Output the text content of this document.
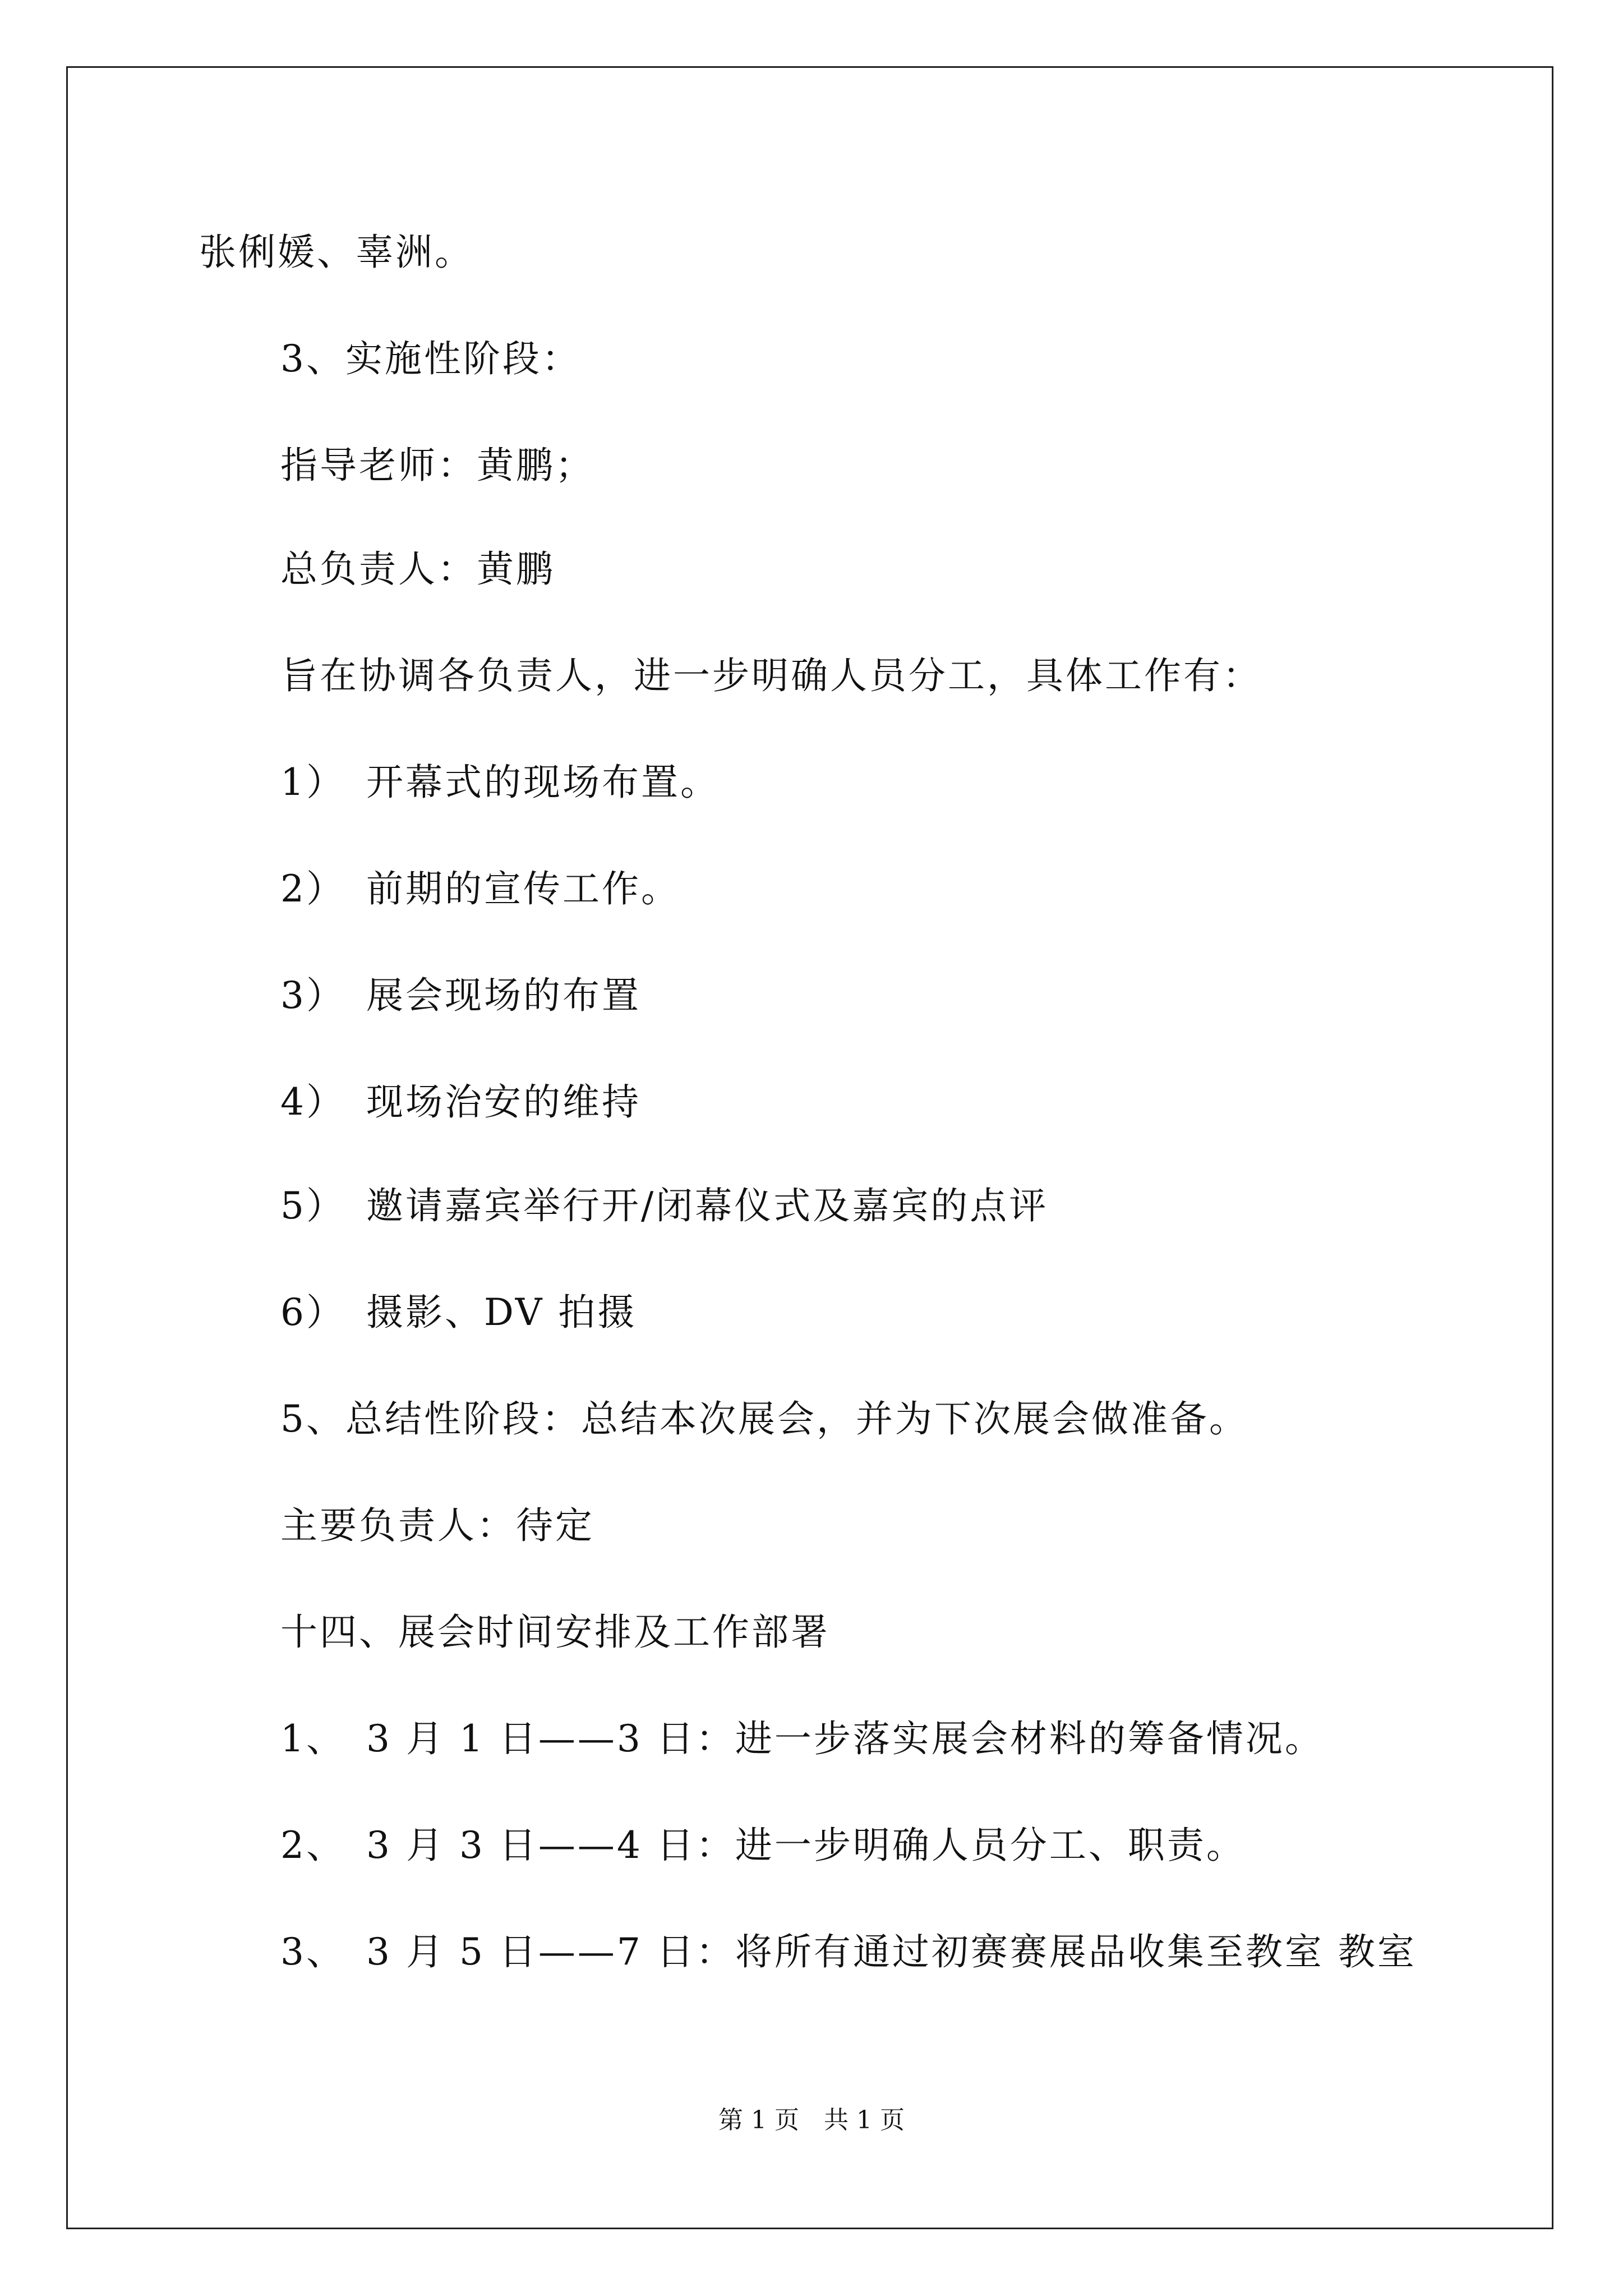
张俐媛、辜洲。
3、实施性阶段：
指导老师：黄鹏；
总负责人：黄鹏
旨在协调各负责人，进一步明确人员分工，具体工作有：
1）　开幕式的现场布置。
2）　前期的宣传工作。
3）　展会现场的布置
4）　现场治安的维持
5）　邀请嘉宾举行开/闭幕仪式及嘉宾的点评
6）　摄影、DV 拍摄
5、总结性阶段：总结本次展会，并为下次展会做准备。
主要负责人：待定
十四、展会时间安排及工作部署
1、　3 月 1 日——3 日：进一步落实展会材料的筹备情况。
2、　3 月 3 日——4 日：进一步明确人员分工、职责。
3、　3 月 5 日——7 日：将所有通过初赛赛展品收集至教室 教室
第 1 页　共 1 页
